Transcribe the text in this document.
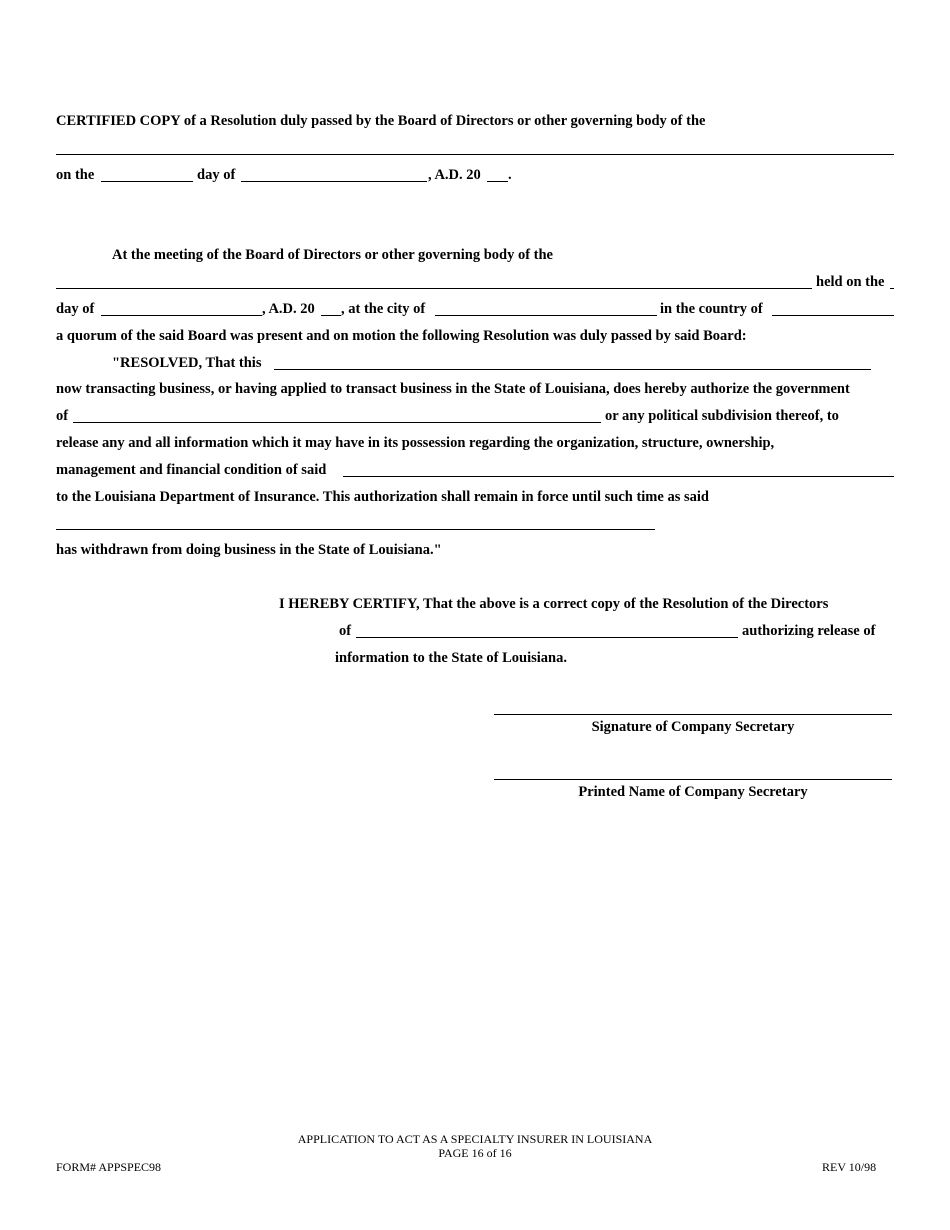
CERTIFIED COPY of a Resolution duly passed by the Board of Directors or other governing body of the
on the	day of	, A.D. 20 .
At the meeting of the Board of Directors or other governing body of the
held on the
day of	, A.D. 20 , at the city of	in the country of
a quorum of the said Board was present and on motion the following Resolution was duly passed by said Board:
"RESOLVED, That this
now transacting business, or having applied to transact business in the State of Louisiana, does hereby authorize the government
of	or any political subdivision thereof, to
release any and all information which it may have in its possession regarding the organization, structure, ownership,
management and financial condition of said
to the Louisiana Department of Insurance. This authorization shall remain in force until such time as said
has withdrawn from doing business in the State of Louisiana."
I HEREBY CERTIFY, That the above is a correct copy of the Resolution of the Directors
of	authorizing release of
information to the State of Louisiana.
Signature of Company Secretary
Printed Name of Company Secretary
APPLICATION TO ACT AS A SPECIALTY INSURER IN LOUISIANA
PAGE 16 of 16
FORM# APPSPEC98	REV 10/98
